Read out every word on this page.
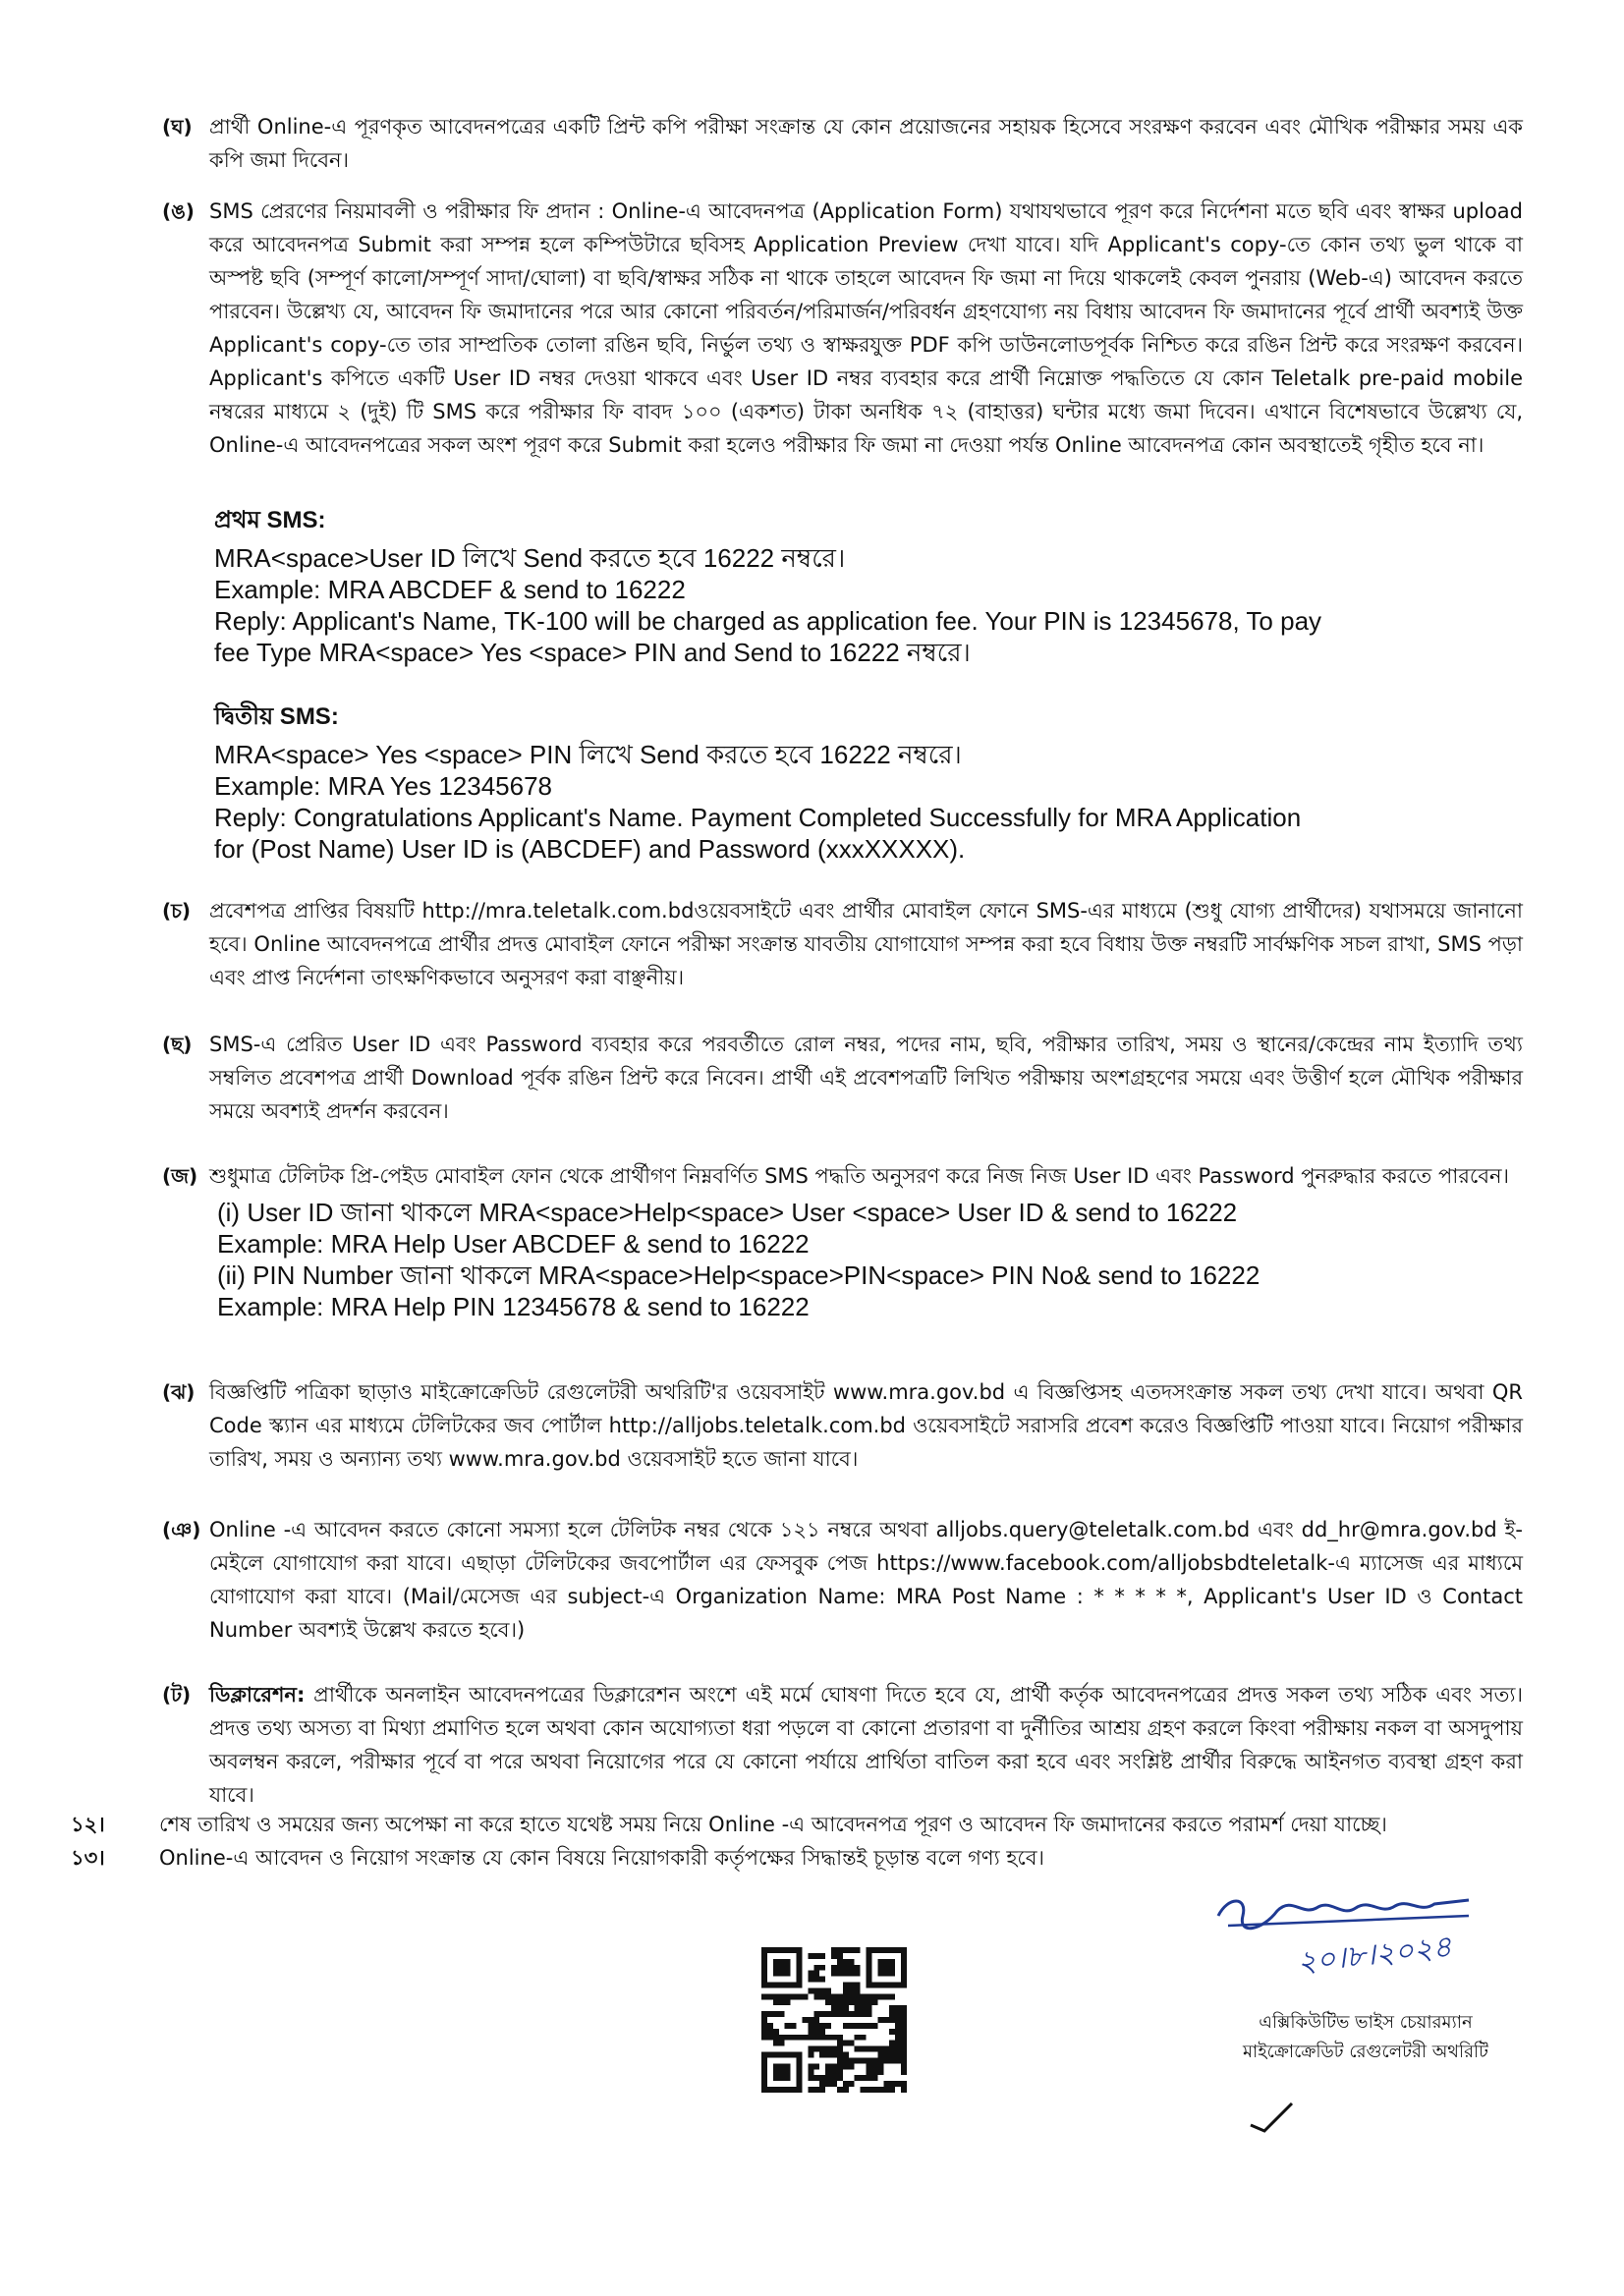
(ঘ) প্রার্থী Online-এ পূরণকৃত আবেদনপত্রের একটি প্রিন্ট কপি পরীক্ষা সংক্রান্ত যে কোন প্রয়োজনের সহায়ক হিসেবে সংরক্ষণ করবেন এবং মৌখিক পরীক্ষার সময় এক কপি জমা দিবেন।
(ঙ) SMS প্রেরণের নিয়মাবলী ও পরীক্ষার ফি প্রদান : Online-এ আবেদনপত্র (Application Form) যথাযথভাবে পূরণ করে নির্দেশনা মতে ছবি এবং স্বাক্ষর upload করে আবেদনপত্র Submit করা সম্পন্ন হলে কম্পিউটারে ছবিসহ Application Preview দেখা যাবে। যদি Applicant's copy-তে কোন তথ্য ভুল থাকে বা অস্পষ্ট ছবি (সম্পূর্ণ কালো/সম্পূর্ণ সাদা/ঘোলা) বা ছবি/স্বাক্ষর সঠিক না থাকে তাহলে আবেদন ফি জমা না দিয়ে থাকলেই কেবল পুনরায় (Web-এ) আবেদন করতে পারবেন। উল্লেখ্য যে, আবেদন ফি জমাদানের পরে আর কোনো পরিবর্তন/পরিমার্জন/পরিবর্ধন গ্রহণযোগ্য নয় বিধায় আবেদন ফি জমাদানের পূর্বে প্রার্থী অবশ্যই উক্ত Applicant's copy-তে তার সাম্প্রতিক তোলা রঙিন ছবি, নির্ভুল তথ্য ও স্বাক্ষরযুক্ত PDF কপি ডাউনলোডপূর্বক নিশ্চিত করে রঙিন প্রিন্ট করে সংরক্ষণ করবেন। Applicant's কপিতে একটি User ID নম্বর দেওয়া থাকবে এবং User ID নম্বর ব্যবহার করে প্রার্থী নিম্নোক্ত পদ্ধতিতে যে কোন Teletalk pre-paid mobile নম্বরের মাধ্যমে ২ (দুই) টি SMS করে পরীক্ষার ফি বাবদ ১০০ (একশত) টাকা অনধিক ৭২ (বাহাত্তর) ঘন্টার মধ্যে জমা দিবেন। এখানে বিশেষভাবে উল্লেখ্য যে, Online-এ আবেদনপত্রের সকল অংশ পূরণ করে Submit করা হলেও পরীক্ষার ফি জমা না দেওয়া পর্যন্ত Online আবেদনপত্র কোন অবস্থাতেই গৃহীত হবে না।
প্রথম SMS:
MRA<space>User ID লিখে Send করতে হবে 16222 নম্বরে।
Example: MRA ABCDEF & send to 16222
Reply: Applicant's Name, TK-100 will be charged as application fee. Your PIN is 12345678, To pay
fee Type MRA<space> Yes <space> PIN and Send to 16222 নম্বরে।
দ্বিতীয় SMS:
MRA<space> Yes <space> PIN লিখে Send করতে হবে 16222 নম্বরে।
Example: MRA Yes 12345678
Reply: Congratulations Applicant's Name. Payment Completed Successfully for MRA Application
for (Post Name) User ID is (ABCDEF) and Password (xxxXXXXX).
(চ) প্রবেশপত্র প্রাপ্তির বিষয়টি http://mra.teletalk.com.bdওয়েবসাইটে এবং প্রার্থীর মোবাইল ফোনে SMS-এর মাধ্যমে (শুধু যোগ্য প্রার্থীদের) যথাসময়ে জানানো হবে। Online আবেদনপত্রে প্রার্থীর প্রদত্ত মোবাইল ফোনে পরীক্ষা সংক্রান্ত যাবতীয় যোগাযোগ সম্পন্ন করা হবে বিধায় উক্ত নম্বরটি সার্বক্ষণিক সচল রাখা, SMS পড়া এবং প্রাপ্ত নির্দেশনা তাৎক্ষণিকভাবে অনুসরণ করা বাঞ্ছনীয়।
(ছ) SMS-এ প্রেরিত User ID এবং Password ব্যবহার করে পরবর্তীতে রোল নম্বর, পদের নাম, ছবি, পরীক্ষার তারিখ, সময় ও স্থানের/কেন্দ্রের নাম ইত্যাদি তথ্য সম্বলিত প্রবেশপত্র প্রার্থী Download পূর্বক রঙিন প্রিন্ট করে নিবেন। প্রার্থী এই প্রবেশপত্রটি লিখিত পরীক্ষায় অংশগ্রহণের সময়ে এবং উত্তীর্ণ হলে মৌখিক পরীক্ষার সময়ে অবশ্যই প্রদর্শন করবেন।
(জ) শুধুমাত্র টেলিটক প্রি-পেইড মোবাইল ফোন থেকে প্রার্থীগণ নিম্নবর্ণিত SMS পদ্ধতি অনুসরণ করে নিজ নিজ User ID এবং Password পুনরুদ্ধার করতে পারবেন।
(i) User ID জানা থাকলে MRA<space>Help<space> User <space> User ID & send to 16222
Example: MRA Help User ABCDEF & send to 16222
(ii) PIN Number জানা থাকলে MRA<space>Help<space>PIN<space> PIN No& send to 16222
Example: MRA Help PIN 12345678 & send to 16222
(ঝ) বিজ্ঞপ্তিটি পত্রিকা ছাড়াও মাইক্রোক্রেডিট রেগুলেটরী অথরিটি'র ওয়েবসাইট www.mra.gov.bd এ বিজ্ঞপ্তিসহ এতদসংক্রান্ত সকল তথ্য দেখা যাবে। অথবা QR Code স্ক্যান এর মাধ্যমে টেলিটকের জব পোর্টাল http://alljobs.teletalk.com.bd ওয়েবসাইটে সরাসরি প্রবেশ করেও বিজ্ঞপ্তিটি পাওয়া যাবে। নিয়োগ পরীক্ষার তারিখ, সময় ও অন্যান্য তথ্য www.mra.gov.bd ওয়েবসাইট হতে জানা যাবে।
(ঞ) Online -এ আবেদন করতে কোনো সমস্যা হলে টেলিটক নম্বর থেকে ১২১ নম্বরে অথবা alljobs.query@teletalk.com.bd এবং dd_hr@mra.gov.bd ই-মেইলে যোগাযোগ করা যাবে। এছাড়া টেলিটকের জবপোর্টাল এর ফেসবুক পেজ https://www.facebook.com/alljobsbdteletalk-এ ম্যাসেজ এর মাধ্যমে যোগাযোগ করা যাবে। (Mail/মেসেজ এর subject-এ Organization Name: MRA Post Name : * * * * *, Applicant's User ID ও Contact Number অবশ্যই উল্লেখ করতে হবে।)
(ট) ডিক্লারেশন: প্রার্থীকে অনলাইন আবেদনপত্রের ডিক্লারেশন অংশে এই মর্মে ঘোষণা দিতে হবে যে, প্রার্থী কর্তৃক আবেদনপত্রের প্রদত্ত সকল তথ্য সঠিক এবং সত্য। প্রদত্ত তথ্য অসত্য বা মিথ্যা প্রমাণিত হলে অথবা কোন অযোগ্যতা ধরা পড়লে বা কোনো প্রতারণা বা দুর্নীতির আশ্রয় গ্রহণ করলে কিংবা পরীক্ষায় নকল বা অসদুপায় অবলম্বন করলে, পরীক্ষার পূর্বে বা পরে অথবা নিয়োগের পরে যে কোনো পর্যায়ে প্রার্থিতা বাতিল করা হবে এবং সংশ্লিষ্ট প্রার্থীর বিরুদ্ধে আইনগত ব্যবস্থা গ্রহণ করা যাবে।
১২।	শেষ তারিখ ও সময়ের জন্য অপেক্ষা না করে হাতে যথেষ্ট সময় নিয়ে Online -এ আবেদনপত্র পূরণ ও আবেদন ফি জমাদানের করতে পরামর্শ দেয়া যাচ্ছে।
১৩।	Online-এ আবেদন ও নিয়োগ সংক্রান্ত যে কোন বিষয়ে নিয়োগকারী কর্তৃপক্ষের সিদ্ধান্তই চূড়ান্ত বলে গণ্য হবে।
২০।৮।২০২৪
এক্সিকিউটিভ ভাইস চেয়ারম্যান
মাইক্রোক্রেডিট রেগুলেটরী অথরিটি
